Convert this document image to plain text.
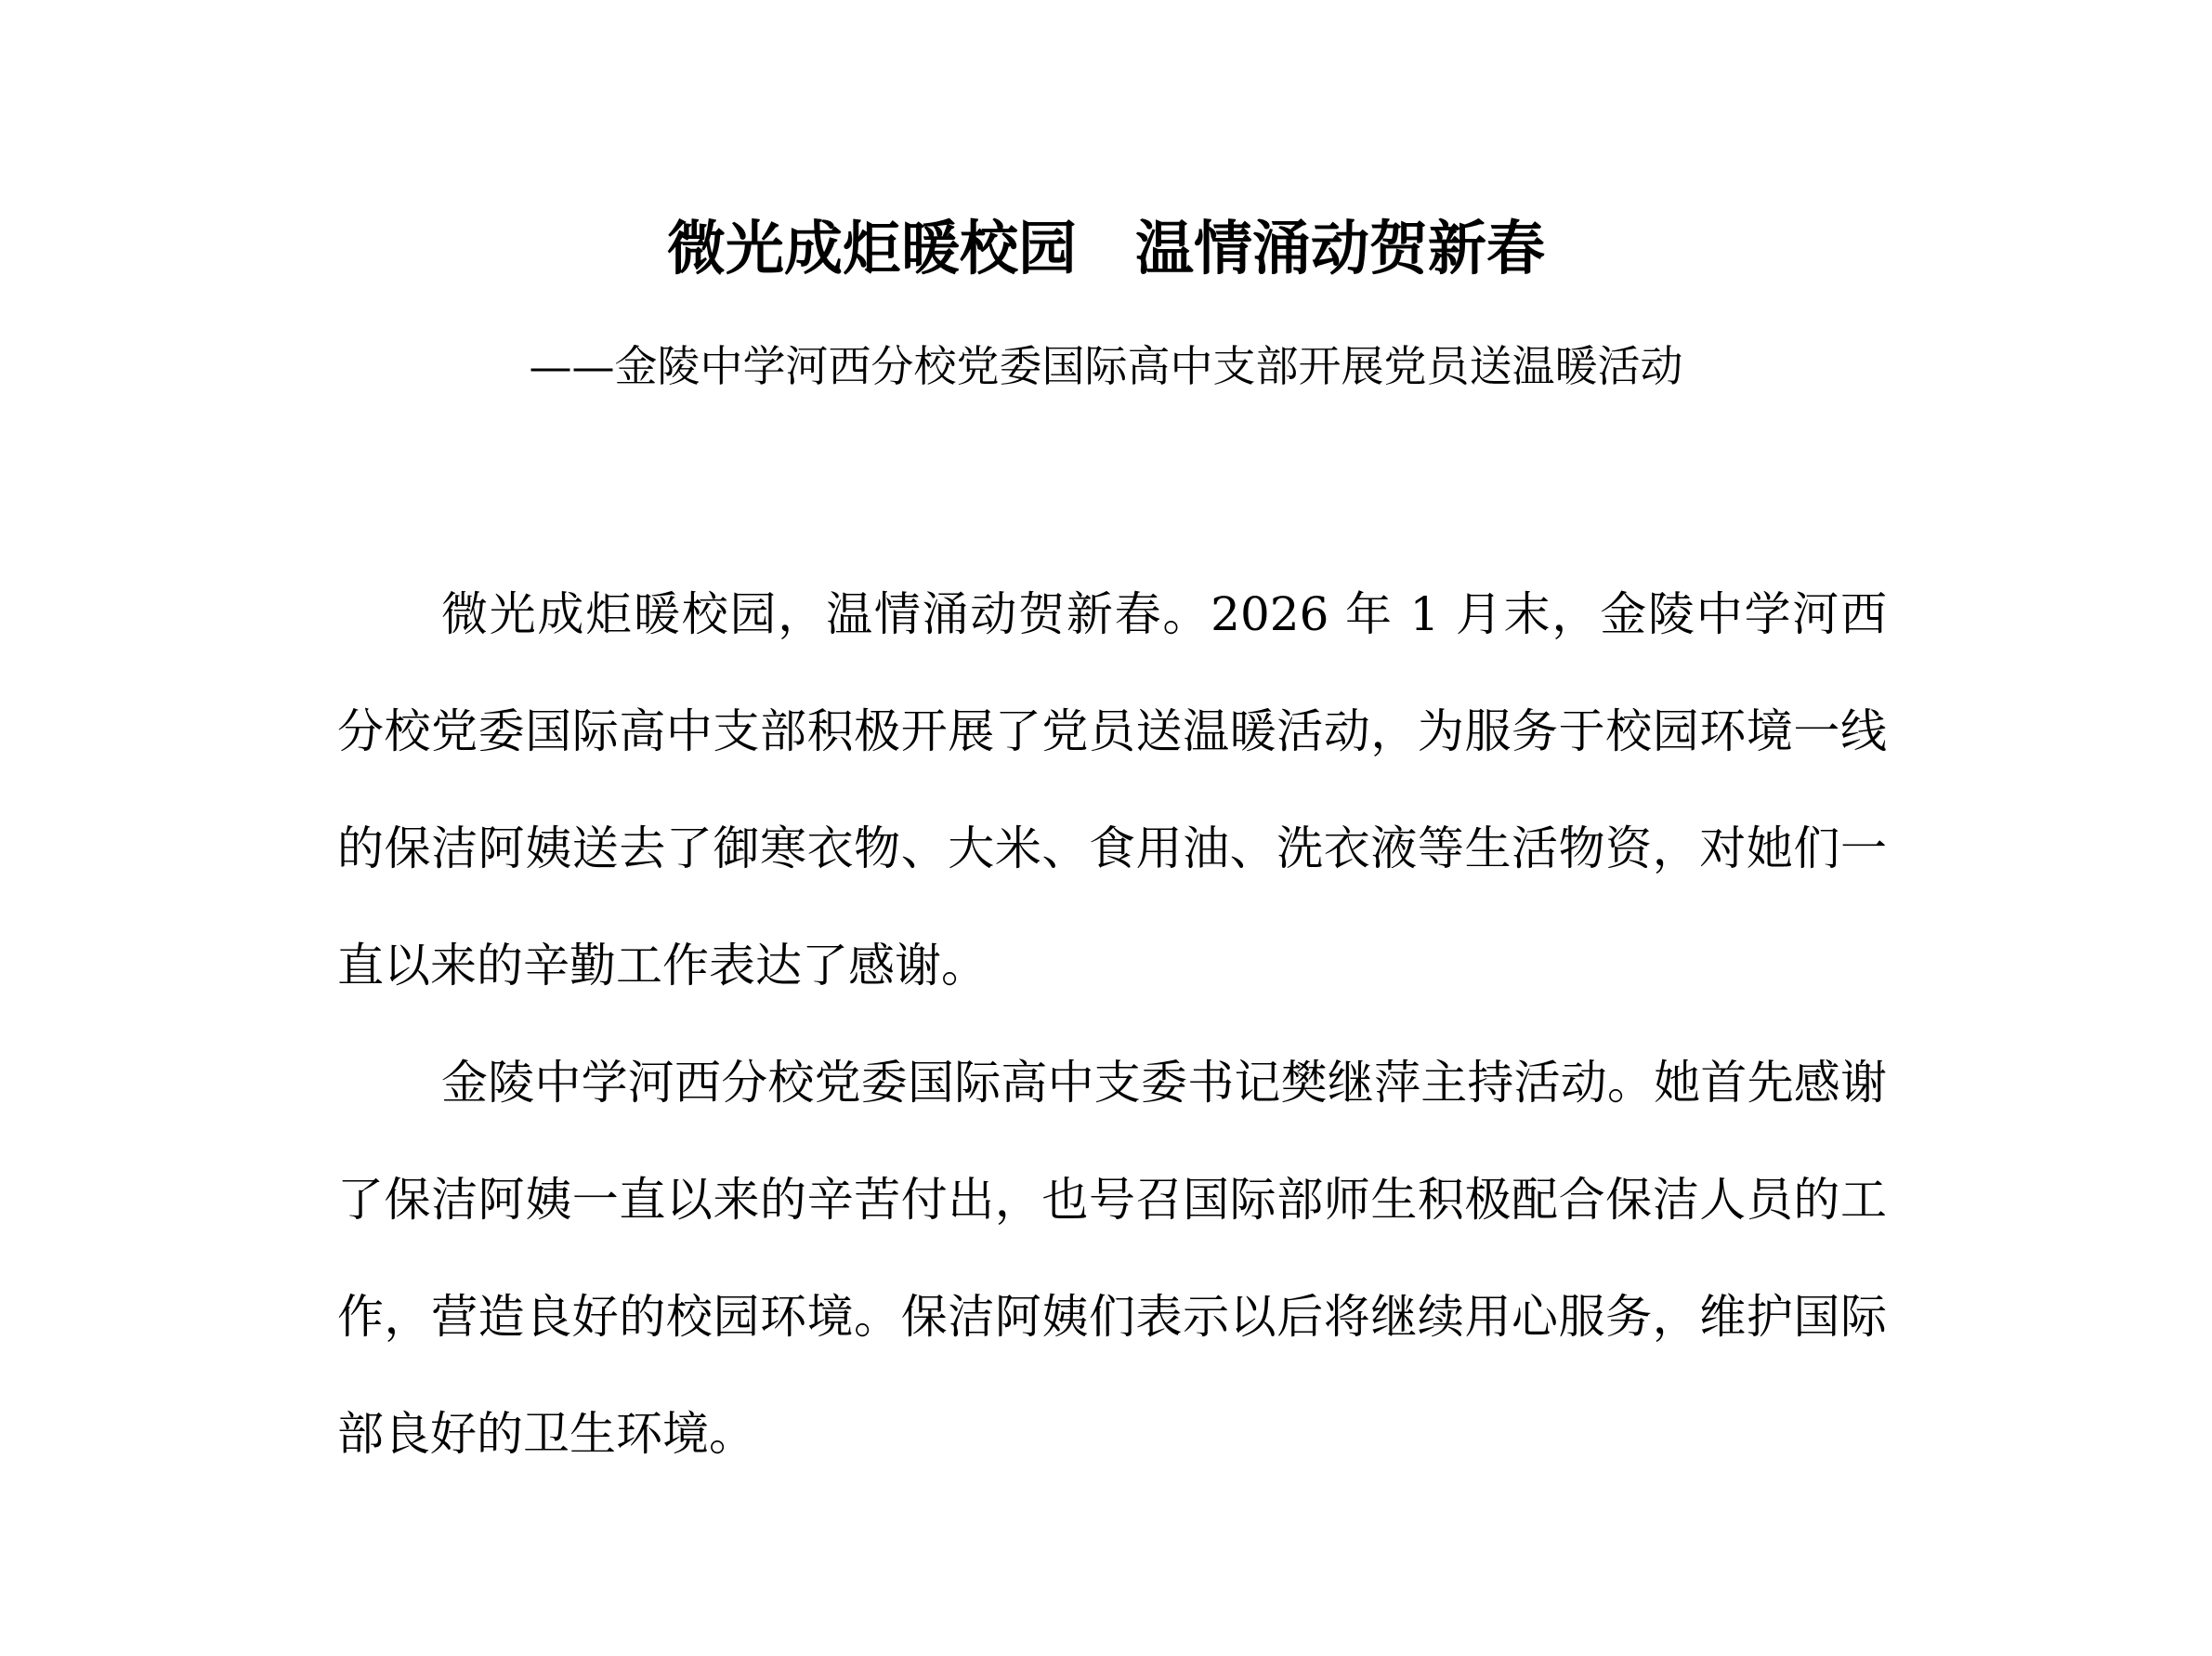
微光成炬暖校园　温情涌动贺新春
——金陵中学河西分校党委国际高中支部开展党员送温暖活动

微光成炬暖校园，温情涌动贺新春。2026 年 1 月末，金陵中学河西分校党委国际高中支部积极开展了党员送温暖活动，为服务于校园环境一线的保洁阿姨送去了御寒衣物、大米、食用油、洗衣液等生活物资，对她们一直以来的辛勤工作表达了感谢。

金陵中学河西分校党委国际高中支委书记樊继萍主持活动。她首先感谢了保洁阿姨一直以来的辛苦付出，也号召国际部师生积极配合保洁人员的工作，营造良好的校园环境。保洁阿姨们表示以后将继续用心服务，维护国际部良好的卫生环境。
